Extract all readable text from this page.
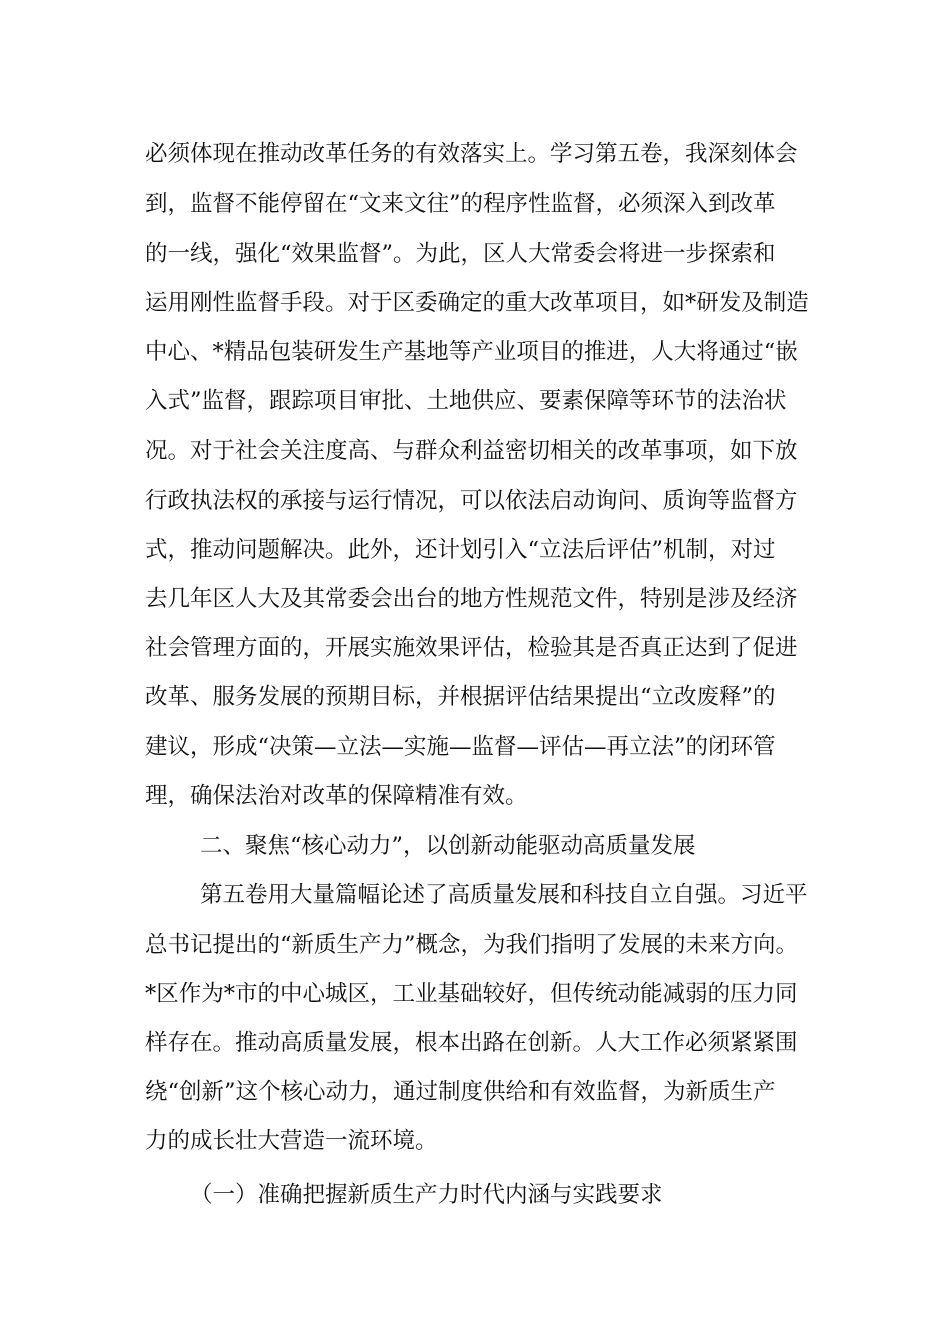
必须体现在推动改革任务的有效落实上。学习第五卷，我深刻体会
到，监督不能停留在“文来文往”的程序性监督，必须深入到改革
的一线，强化“效果监督”。为此，区人大常委会将进一步探索和
运用刚性监督手段。对于区委确定的重大改革项目，如*研发及制造
中心、*精品包装研发生产基地等产业项目的推进，人大将通过“嵌
入式”监督，跟踪项目审批、土地供应、要素保障等环节的法治状
况。对于社会关注度高、与群众利益密切相关的改革事项，如下放
行政执法权的承接与运行情况，可以依法启动询问、质询等监督方
式，推动问题解决。此外，还计划引入“立法后评估”机制，对过
去几年区人大及其常委会出台的地方性规范文件，特别是涉及经济
社会管理方面的，开展实施效果评估，检验其是否真正达到了促进
改革、服务发展的预期目标，并根据评估结果提出“立改废释”的
建议，形成“决策—立法—实施—监督—评估—再立法”的闭环管
理，确保法治对改革的保障精准有效。
二、聚焦“核心动力”，以创新动能驱动高质量发展
第五卷用大量篇幅论述了高质量发展和科技自立自强。习近平
总书记提出的“新质生产力”概念，为我们指明了发展的未来方向。
*区作为*市的中心城区，工业基础较好，但传统动能减弱的压力同
样存在。推动高质量发展，根本出路在创新。人大工作必须紧紧围
绕“创新”这个核心动力，通过制度供给和有效监督，为新质生产
力的成长壮大营造一流环境。
（一）准确把握新质生产力时代内涵与实践要求
